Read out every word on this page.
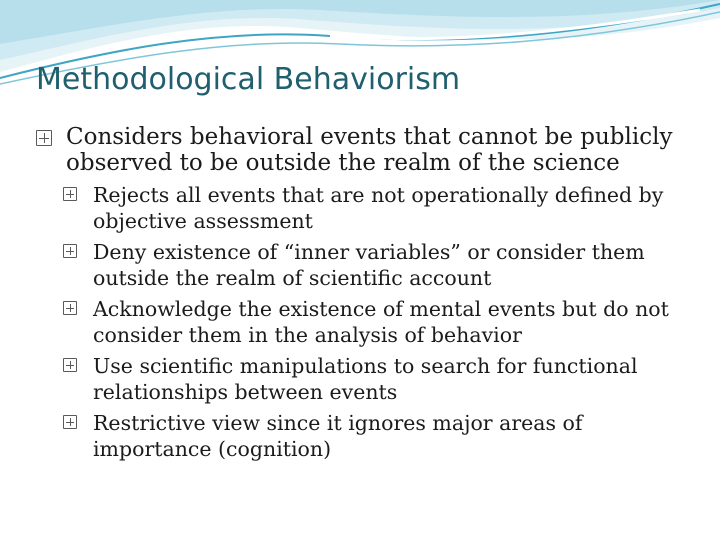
Methodological Behaviorism
Considers behavioral events that cannot be publicly observed to be outside the realm of the science
Rejects all events that are not operationally defined by objective assessment
Deny existence of “inner variables” or consider them outside the realm of scientific account
Acknowledge the existence of mental events but do not consider them in the analysis of behavior
Use scientific manipulations to search for functional relationships between events
Restrictive view since it ignores major areas of importance (cognition)
